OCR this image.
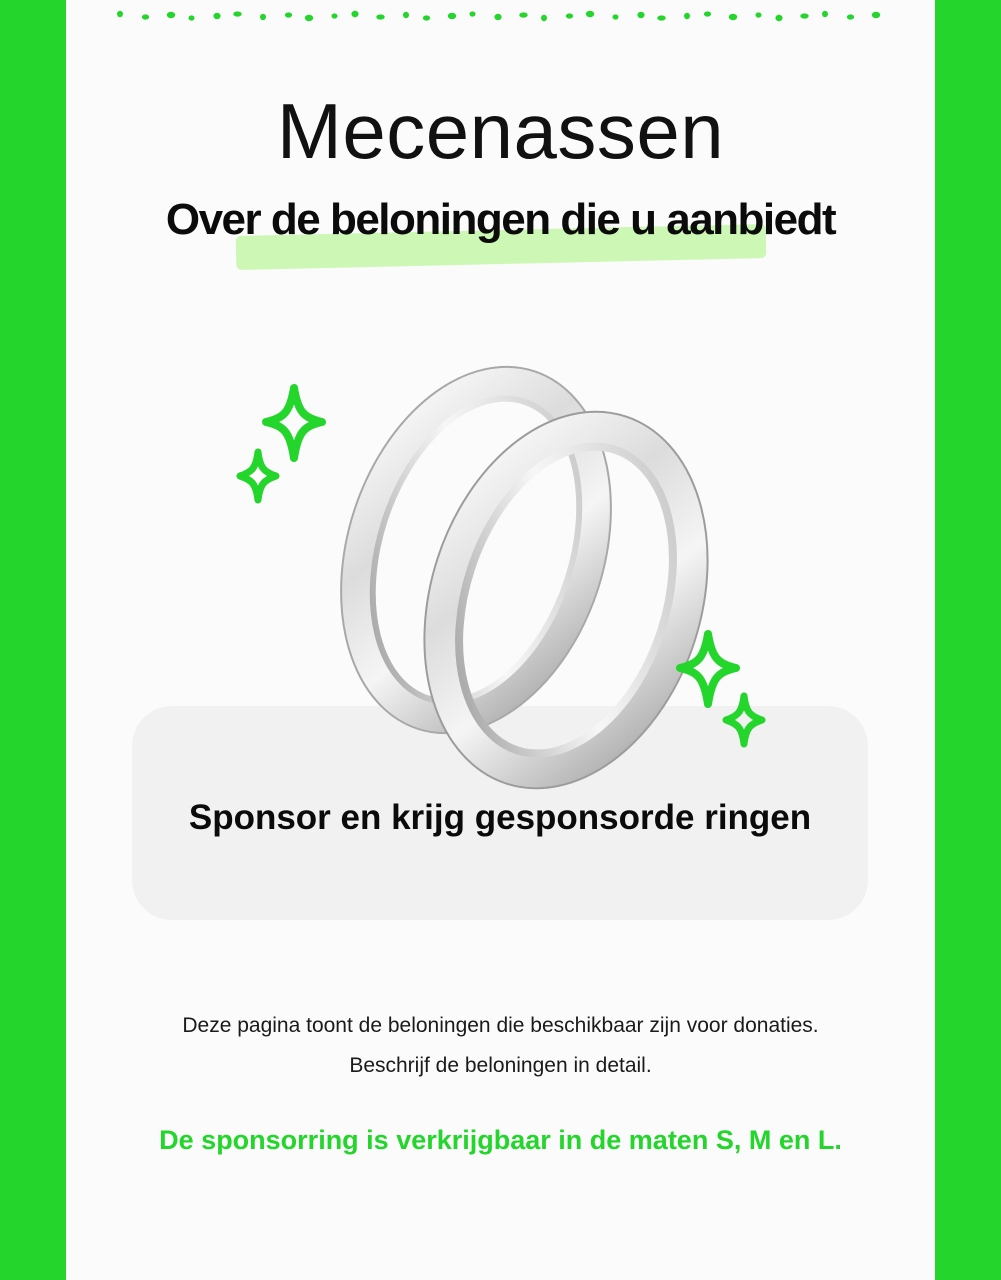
Mecenassen
Over de beloningen die u aanbiedt

Sponsor en krijg gesponsorde ringen

Deze pagina toont de beloningen die beschikbaar zijn voor donaties.
Beschrijf de beloningen in detail.

De sponsorring is verkrijgbaar in de maten S, M en L.
